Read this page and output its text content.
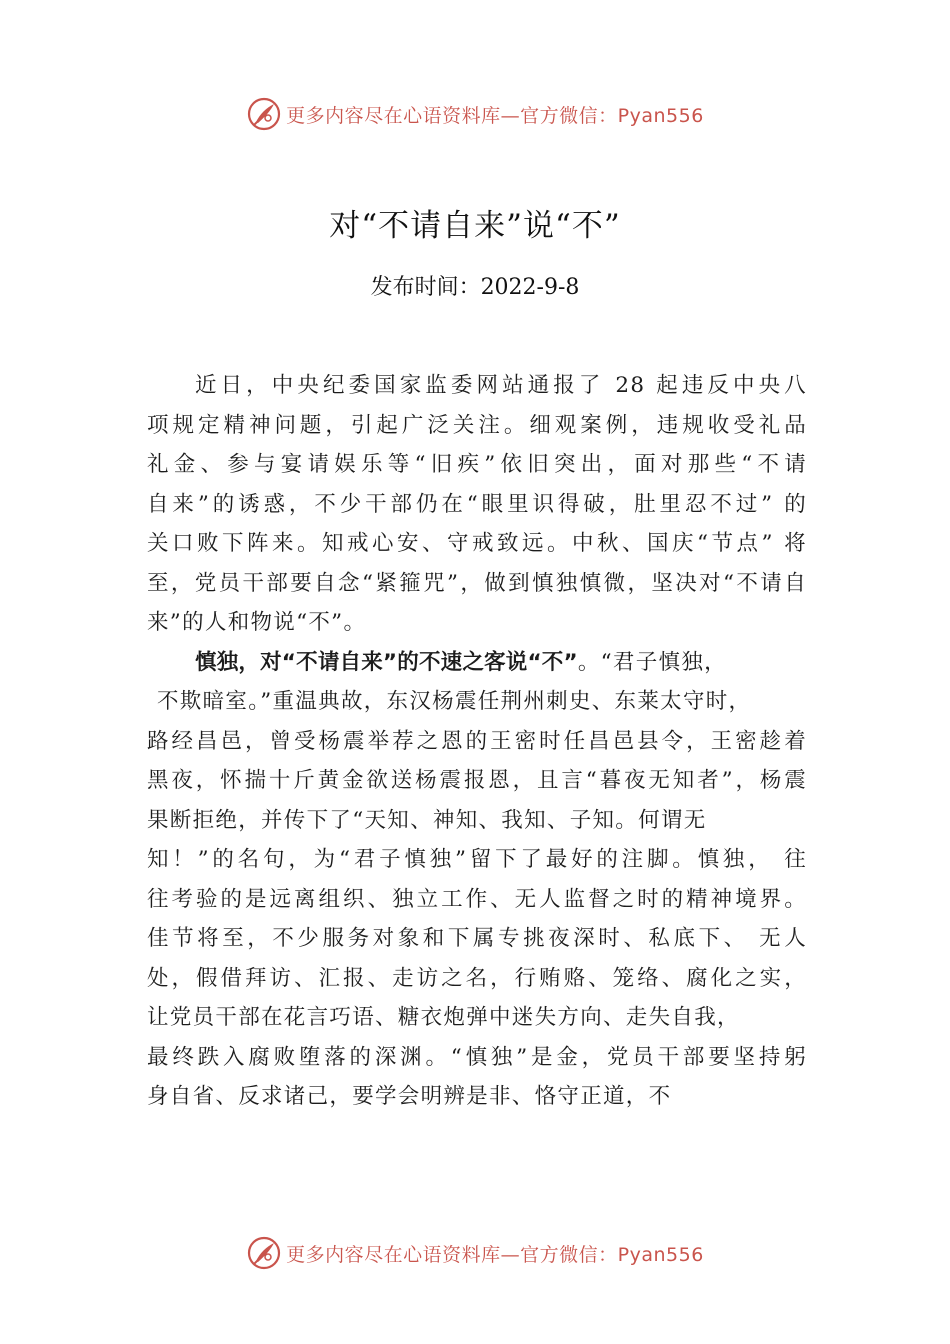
更多内容尽在心语资料库—官方微信：Pyan556
对“不请自来”说“不”
发布时间：2022-9-8
近日，中央纪委国家监委网站通报了 28 起违反中央八
项规定精神问题，引起广泛关注。细观案例，违规收受礼品
礼金、参与宴请娱乐等“旧疾”依旧突出，面对那些“不请
自来”的诱惑，不少干部仍在“眼里识得破，肚里忍不过” 的
关口败下阵来。知戒心安、守戒致远。中秋、国庆“节点” 将
至，党员干部要自念“紧箍咒”，做到慎独慎微，坚决对“不请自
来”的人和物说“不”。
慎独，对“不请自来”的不速之客说“不”。“君子慎独，
不欺暗室。”重温典故，东汉杨震任荆州刺史、东莱太守时，
路经昌邑，曾受杨震举荐之恩的王密时任昌邑县令，王密趁着
黑夜，怀揣十斤黄金欲送杨震报恩，且言“暮夜无知者”，杨震
果断拒绝，并传下了“天知、神知、我知、子知。何谓无
知！”的名句，为“君子慎独”留下了最好的注脚。慎独， 往
往考验的是远离组织、独立工作、无人监督之时的精神境界。
佳节将至，不少服务对象和下属专挑夜深时、私底下、 无人
处，假借拜访、汇报、走访之名，行贿赂、笼络、腐化之实，
让党员干部在花言巧语、糖衣炮弹中迷失方向、走失自我，
最终跌入腐败堕落的深渊。“慎独”是金，党员干部要坚持躬
身自省、反求诸己，要学会明辨是非、恪守正道，不
更多内容尽在心语资料库—官方微信：Pyan556
